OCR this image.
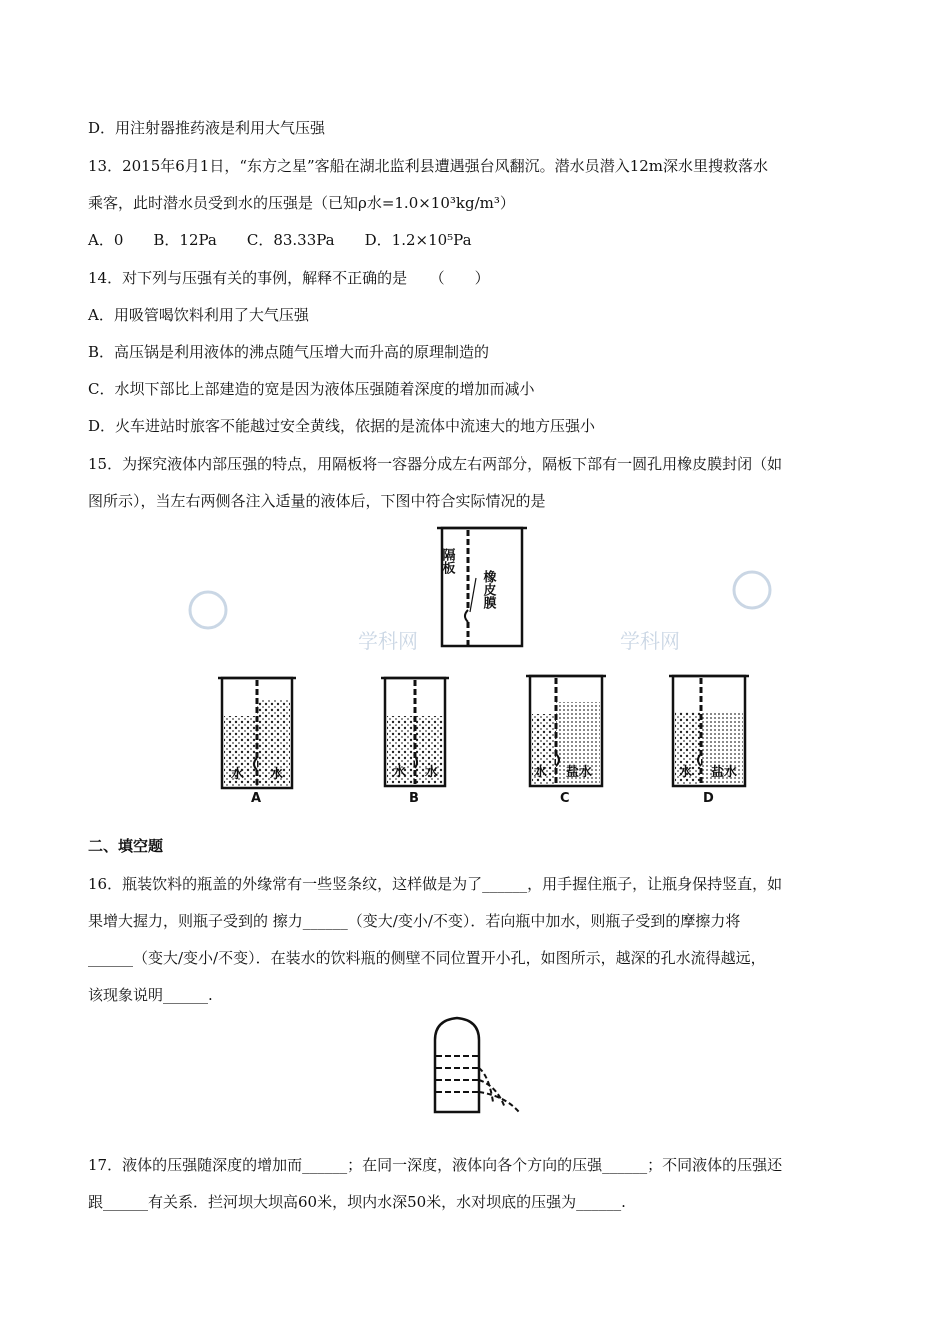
D．用注射器推药液是利用大气压强
13．2015年6月1日，“东方之星”客船在湖北监利县遭遇强台风翻沉。潜水员潜入12m深水里搜救落水
乘客，此时潜水员受到水的压强是（已知ρ水=1.0×10³kg/m³）
A．0　　B．12Pa　　C．83.33Pa　　D．1.2×10⁵Pa
14．对下列与压强有关的事例，解释不正确的是　　（　　）
A．用吸管喝饮料利用了大气压强
B．高压锅是利用液体的沸点随气压增大而升高的原理制造的
C．水坝下部比上部建造的宽是因为液体压强随着深度的增加而减小
D．火车进站时旅客不能越过安全黄线，依据的是流体中流速大的地方压强小
15．为探究液体内部压强的特点，用隔板将一容器分成左右两部分，隔板下部有一圆孔用橡皮膜封闭（如
图所示），当左右两侧各注入适量的液体后，下图中符合实际情况的是
学科网	学科网
隔板
橡皮膜
水 水
A
水 水
B
水 盐水
C
水 盐水
D
二、填空题
16．瓶装饮料的瓶盖的外缘常有一些竖条纹，这样做是为了______，用手握住瓶子，让瓶身保持竖直，如
果增大握力，则瓶子受到的 擦力______（变大/变小/不变）．若向瓶中加水，则瓶子受到的摩擦力将
______（变大/变小/不变）．在装水的饮料瓶的侧壁不同位置开小孔，如图所示，越深的孔水流得越远，
该现象说明______.
17．液体的压强随深度的增加而______；在同一深度，液体向各个方向的压强______；不同液体的压强还
跟______有关系．拦河坝大坝高60米，坝内水深50米，水对坝底的压强为______.
